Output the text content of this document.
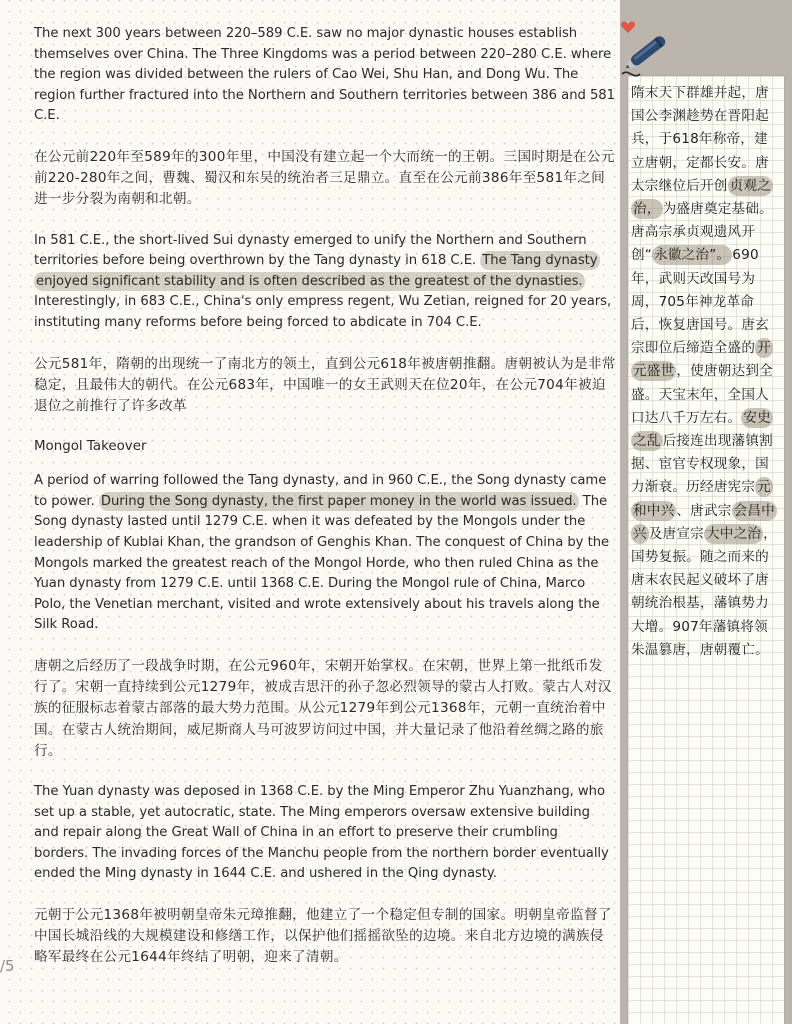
The next 300 years between 220–589 C.E. saw no major dynastic houses establish themselves over China. The Three Kingdoms was a period between 220–280 C.E. where the region was divided between the rulers of Cao Wei, Shu Han, and Dong Wu. The region further fractured into the Northern and Southern territories between 386 and 581 C.E.

在公元前220年至589年的300年里，中国没有建立起一个大而统一的王朝。三国时期是在公元前220-280年之间，曹魏、蜀汉和东吴的统治者三足鼎立。直至在公元前386年至581年之间进一步分裂为南朝和北朝。

In 581 C.E., the short-lived Sui dynasty emerged to unify the Northern and Southern territories before being overthrown by the Tang dynasty in 618 C.E. The Tang dynasty enjoyed significant stability and is often described as the greatest of the dynasties. Interestingly, in 683 C.E., China's only empress regent, Wu Zetian, reigned for 20 years, instituting many reforms before being forced to abdicate in 704 C.E.

公元581年，隋朝的出现统一了南北方的领土，直到公元618年被唐朝推翻。唐朝被认为是非常稳定，且最伟大的朝代。在公元683年，中国唯一的女王武则天在位20年，在公元704年被迫退位之前推行了许多改革

Mongol Takeover

A period of warring followed the Tang dynasty, and in 960 C.E., the Song dynasty came to power. During the Song dynasty, the first paper money in the world was issued. The Song dynasty lasted until 1279 C.E. when it was defeated by the Mongols under the leadership of Kublai Khan, the grandson of Genghis Khan. The conquest of China by the Mongols marked the greatest reach of the Mongol Horde, who then ruled China as the Yuan dynasty from 1279 C.E. until 1368 C.E. During the Mongol rule of China, Marco Polo, the Venetian merchant, visited and wrote extensively about his travels along the Silk Road.

唐朝之后经历了一段战争时期，在公元960年，宋朝开始掌权。在宋朝，世界上第一批纸币发行了。宋朝一直持续到公元1279年，被成吉思汗的孙子忽必烈领导的蒙古人打败。蒙古人对汉族的征服标志着蒙古部落的最大势力范围。从公元1279年到公元1368年，元朝一直统治着中国。在蒙古人统治期间，威尼斯商人马可波罗访问过中国，并大量记录了他沿着丝绸之路的旅行。

The Yuan dynasty was deposed in 1368 C.E. by the Ming Emperor Zhu Yuanzhang, who set up a stable, yet autocratic, state. The Ming emperors oversaw extensive building and repair along the Great Wall of China in an effort to preserve their crumbling borders. The invading forces of the Manchu people from the northern border eventually ended the Ming dynasty in 1644 C.E. and ushered in the Qing dynasty.

元朝于公元1368年被明朝皇帝朱元璋推翻，他建立了一个稳定但专制的国家。明朝皇帝监督了中国长城沿线的大规模建设和修缮工作，以保护他们摇摇欲坠的边境。来自北方边境的满族侵略军最终在公元1644年终结了明朝，迎来了清朝。

/5
隋末天下群雄并起，唐国公李渊趁势在晋阳起兵，于618年称帝，建立唐朝，定都长安。唐太宗继位后开创 贞观之治， 为盛唐奠定基础。唐高宗承贞观遗风开创“ 永徽之治”。 690年，武则天改国号为周，705年神龙革命后，恢复唐国号。唐玄宗即位后缔造全盛的 开元盛世 ，使唐朝达到全盛。天宝末年，全国人口达八千万左右。 安史之乱 后接连出现藩镇割据、宦官专权现象，国力渐衰。历经唐宪宗 元和中兴 、唐武宗 会昌中兴 及唐宣宗 大中之治 ，国势复振。随之而来的唐末农民起义破坏了唐朝统治根基，藩镇势力大增。907年藩镇将领朱温篡唐，唐朝覆亡。
